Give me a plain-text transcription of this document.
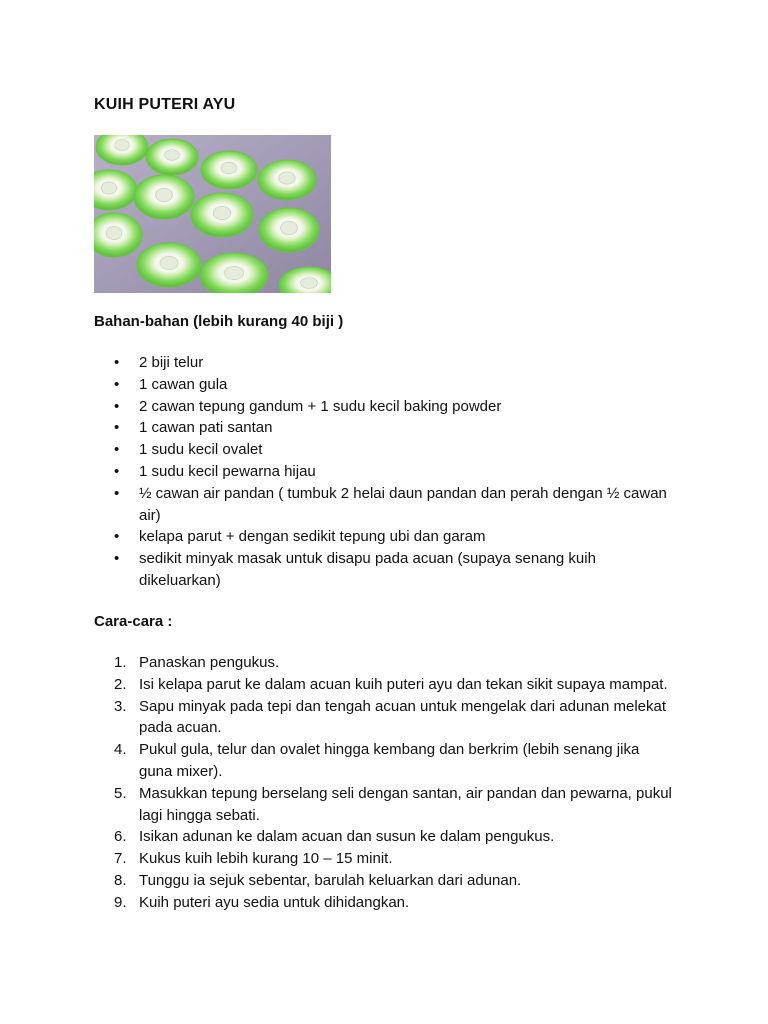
KUIH PUTERI AYU
Bahan-bahan (lebih kurang 40 biji )
• 2 biji telur
• 1 cawan gula
• 2 cawan tepung gandum + 1 sudu kecil baking powder
• 1 cawan pati santan
• 1 sudu kecil ovalet
• 1 sudu kecil pewarna hijau
• ½ cawan air pandan ( tumbuk 2 helai daun pandan dan perah dengan ½ cawan air)
• kelapa parut + dengan sedikit tepung ubi dan garam
• sedikit minyak masak untuk disapu pada acuan (supaya senang kuih dikeluarkan)
Cara-cara :
1. Panaskan pengukus.
2. Isi kelapa parut ke dalam acuan kuih puteri ayu dan tekan sikit supaya mampat.
3. Sapu minyak pada tepi dan tengah acuan untuk mengelak dari adunan melekat pada acuan.
4. Pukul gula, telur dan ovalet hingga kembang dan berkrim (lebih senang jika guna mixer).
5. Masukkan tepung berselang seli dengan santan, air pandan dan pewarna, pukul lagi hingga sebati.
6. Isikan adunan ke dalam acuan dan susun ke dalam pengukus.
7. Kukus kuih lebih kurang 10 – 15 minit.
8. Tunggu ia sejuk sebentar, barulah keluarkan dari adunan.
9. Kuih puteri ayu sedia untuk dihidangkan.
